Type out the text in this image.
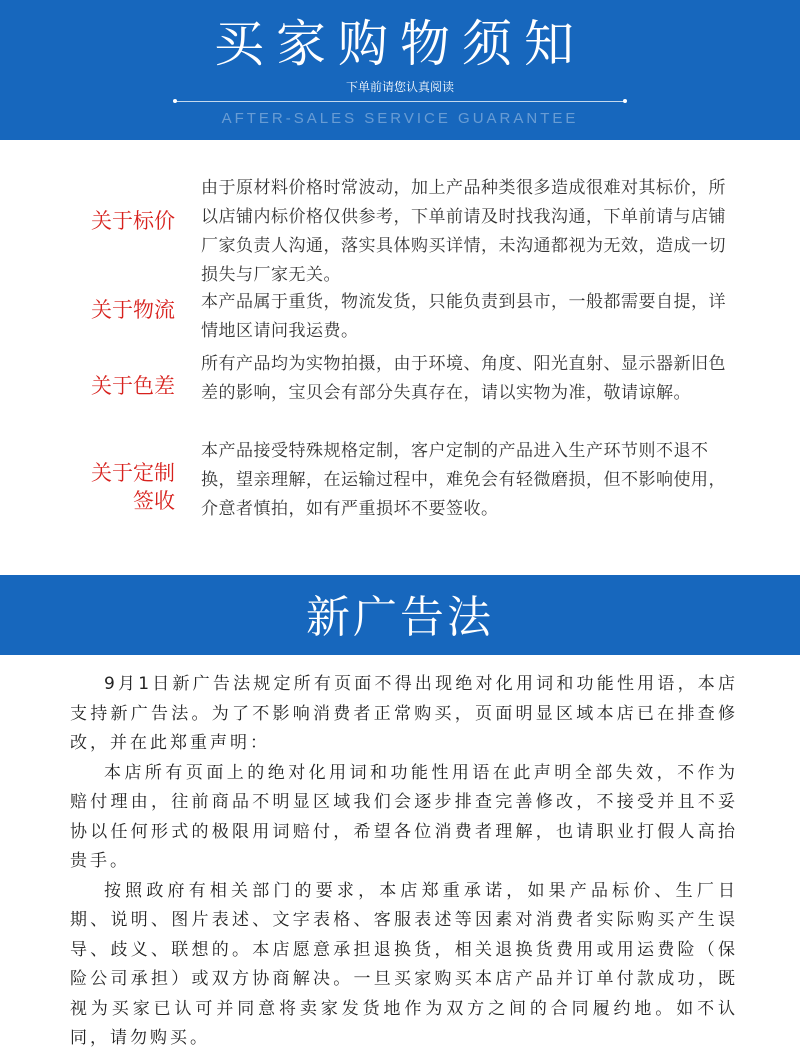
买家购物须知
下单前请您认真阅读
AFTER-SALES SERVICE GUARANTEE
关于标价
由于原材料价格时常波动，加上产品种类很多造成很难对其标价，所以店铺内标价格仅供参考，下单前请及时找我沟通，下单前请与店铺厂家负责人沟通，落实具体购买详情，未沟通都视为无效，造成一切损失与厂家无关。
关于物流 本产品属于重货，物流发货，只能负责到县市，一般都需要自提，详情地区请问我运费。
关于色差
所有产品均为实物拍摄，由于环境、角度、阳光直射、显示器新旧色差的影响，宝贝会有部分失真存在，请以实物为准，敬请谅解。
关于定制
签收
本产品接受特殊规格定制，客户定制的产品进入生产环节则不退不换，望亲理解，在运输过程中，难免会有轻微磨损，但不影响使用，介意者慎拍，如有严重损坏不要签收。
新广告法

9月1日新广告法规定所有页面不得出现绝对化用词和功能性用语，本店支持新广告法。为了不影响消费者正常购买，页面明显区域本店已在排查修改，并在此郑重声明：

本店所有页面上的绝对化用词和功能性用语在此声明全部失效，不作为赔付理由，往前商品不明显区域我们会逐步排查完善修改，不接受并且不妥协以任何形式的极限用词赔付，希望各位消费者理解，也请职业打假人高抬贵手。

按照政府有相关部门的要求，本店郑重承诺，如果产品标价、生厂日期、说明、图片表述、文字表格、客服表述等因素对消费者实际购买产生误导、歧义、联想的。本店愿意承担退换货，相关退换货费用或用运费险（保险公司承担）或双方协商解决。一旦买家购买本店产品并订单付款成功，既视为买家已认可并同意将卖家发货地作为双方之间的合同履约地。如不认同，请勿购买。
